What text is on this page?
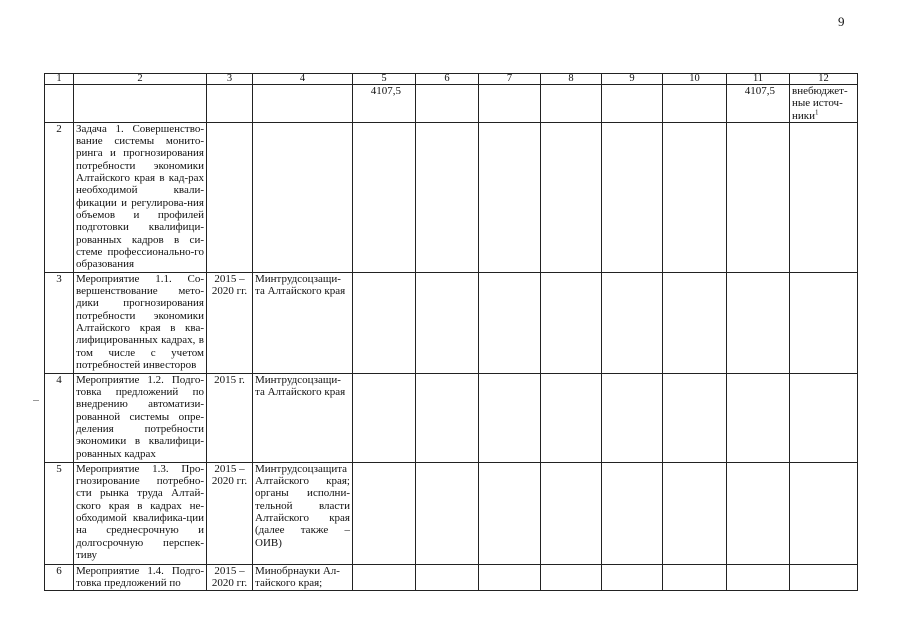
9
1	2	3	4	5	6	7	8	9	10	11	12
				4107,5						4107,5	внебюджет-ные источ-ники$^1$
2	Задача 1. Совершенство-вание системы монито-ринга и прогнозирования потребности экономики Алтайского края в кад-рах необходимой квали-фикации и регулирова-ния объемов и профилей подготовки квалифици-рованных кадров в си-стеме профессионально-го образования										
3	Мероприятие 1.1. Со-вершенствование мето-дики прогнозирования потребности экономики Алтайского края в ква-лифицированных кадрах, в том числе с учетом потребностей инвесторов	2015 – 2020 гг.	Минтрудсоцзащи-та Алтайского края								
4	Мероприятие 1.2. Подго-товка предложений по внедрению автоматизи-рованной системы опре-деления потребности экономики в квалифици-рованных кадрах	2015 г.	Минтрудсоцзащи-та Алтайского края								
5	Мероприятие 1.3. Про-гнозирование потребно-сти рынка труда Алтай-ского края в кадрах не-обходимой квалифика-ции на среднесрочную и долгосрочную перспек-тиву	2015 – 2020 гг.	Минтрудсоцзащита Алтайского края; органы исполни-тельной власти Алтайского края (далее также – ОИВ)								
6	Мероприятие 1.4. Подго-товка предложений по	2015 – 2020 гг.	Минобрнауки Ал-тайского края;								
